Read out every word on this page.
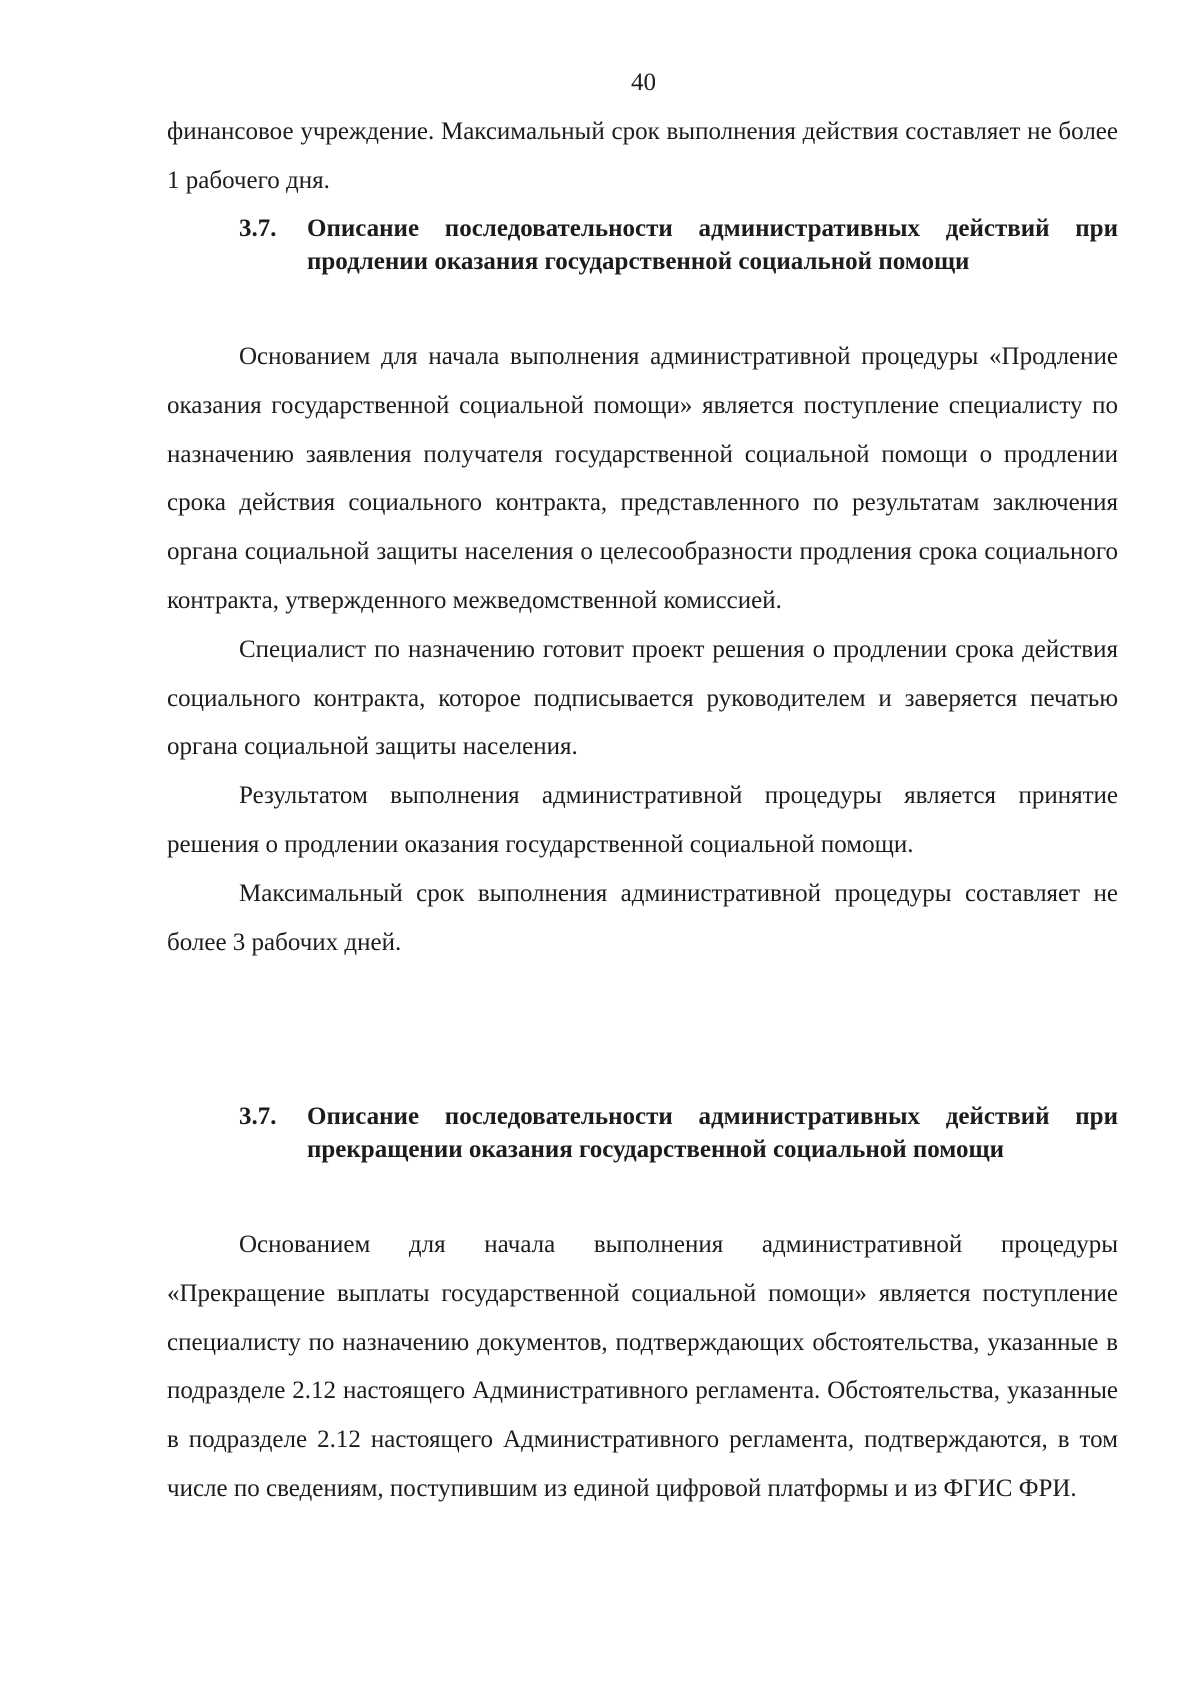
40

финансовое учреждение. Максимальный срок выполнения действия составляет не более 1 рабочего дня.

3.7.	Описание последовательности административных действий при продлении оказания государственной социальной помощи

Основанием для начала выполнения административной процедуры «Продление оказания государственной социальной помощи» является поступление специалисту по назначению заявления получателя государственной социальной помощи о продлении срока действия социального контракта, представленного по результатам заключения органа социальной защиты населения о целесообразности продления срока социального контракта, утвержденного межведомственной комиссией.

Специалист по назначению готовит проект решения о продлении срока действия социального контракта, которое подписывается руководителем и заверяется печатью органа социальной защиты населения.

Результатом выполнения административной процедуры является принятие решения о продлении оказания государственной социальной помощи.

Максимальный срок выполнения административной процедуры составляет не более 3 рабочих дней.

3.7.	Описание последовательности административных действий при прекращении оказания государственной социальной помощи

Основанием для начала выполнения административной процедуры «Прекращение выплаты государственной социальной помощи» является поступление специалисту по назначению документов, подтверждающих обстоятельства, указанные в подразделе 2.12 настоящего Административного регламента. Обстоятельства, указанные в подразделе 2.12 настоящего Административного регламента, подтверждаются, в том числе по сведениям, поступившим из единой цифровой платформы и из ФГИС ФРИ.
